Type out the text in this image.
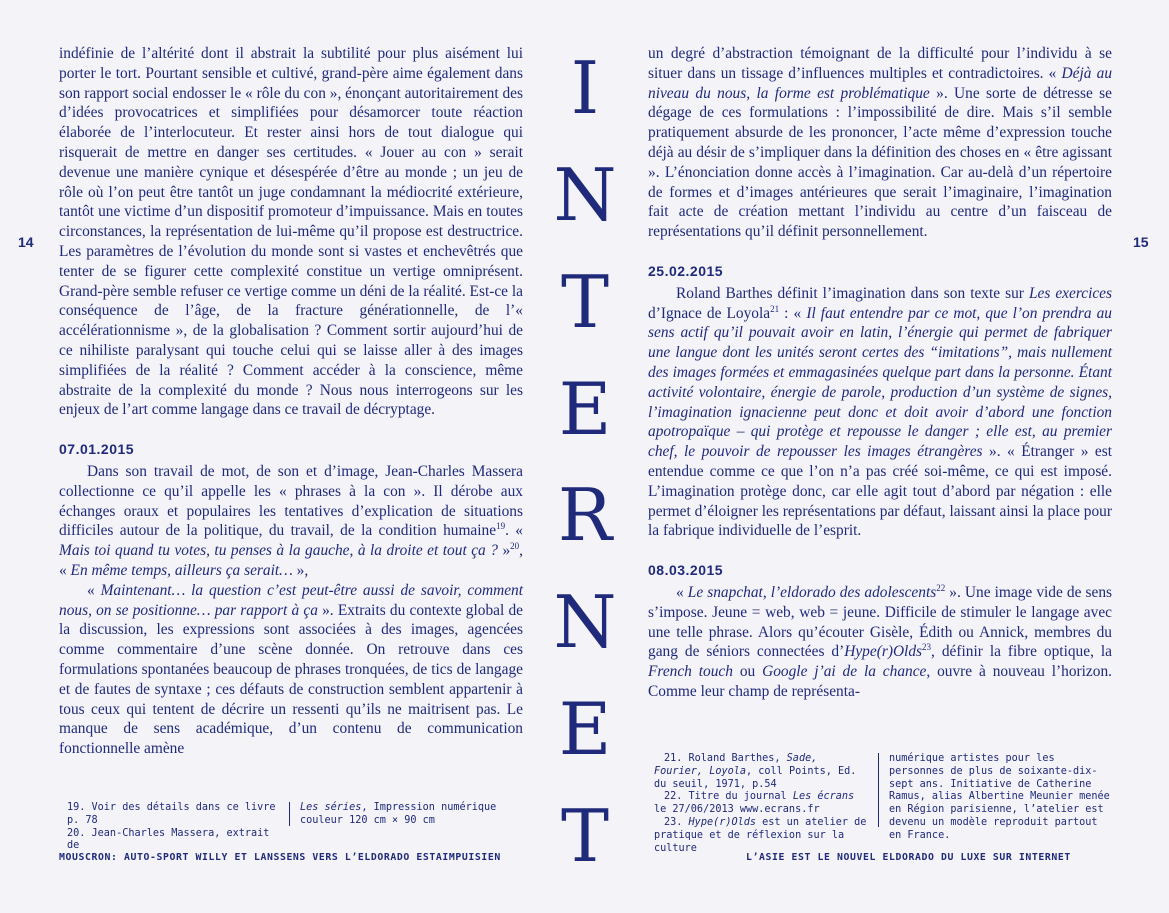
14	15

indéfinie de l’altérité dont il abstrait la subtilité pour plus aisément lui porter le tort. Pourtant sensible et cultivé, grand-père aime également dans son rapport social endosser le « rôle du con », énonçant autoritairement des d’idées provocatrices et simplifiées pour désamorcer toute réaction élaborée de l’interlocuteur. Et rester ainsi hors de tout dialogue qui risquerait de mettre en danger ses certitudes. « Jouer au con » serait devenue une manière cynique et désespérée d’être au monde ; un jeu de rôle où l’on peut être tantôt un juge condamnant la médiocrité extérieure, tantôt une victime d’un dispositif promoteur d’impuissance. Mais en toutes circonstances, la représentation de lui-même qu’il propose est destructrice. Les paramètres de l’évolution du monde sont si vastes et enchevêtrés que tenter de se figurer cette complexité constitue un vertige omniprésent. Grand-père semble refuser ce vertige comme un déni de la réalité. Est-ce la conséquence de l’âge, de la fracture générationnelle, de l’« accélérationnisme », de la globalisation ? Comment sortir aujourd’hui de ce nihiliste paralysant qui touche celui qui se laisse aller à des images simplifiées de la réalité ? Comment accéder à la conscience, même abstraite de la complexité du monde ? Nous nous interrogeons sur les enjeux de l’art comme langage dans ce travail de décryptage.

07.01.2015

Dans son travail de mot, de son et d’image, Jean-Charles Massera collectionne ce qu’il appelle les « phrases à la con ». Il dérobe aux échanges oraux et populaires les tentatives d’explication de situations difficiles autour de la politique, du travail, de la condition humaine$^{19}$. « Mais toi quand tu votes, tu penses à la gauche, à la droite et tout ça ? »$^{20}$, « En même temps, ailleurs ça serait… »,

« Maintenant… la question c’est peut-être aussi de savoir, comment nous, on se positionne… par rapport à ça ». Extraits du contexte global de la discussion, les expressions sont associées à des images, agencées comme commentaire d’une scène donnée. On retrouve dans ces formulations spontanées beaucoup de phrases tronquées, de tics de langage et de fautes de syntaxe ; ces défauts de construction semblent appartenir à tous ceux qui tentent de décrire un ressenti qu’ils ne maitrisent pas. Le manque de sens académique, d’un contenu de communication fonctionnelle amène

I
N
T
E
R
N
E
T

un degré d’abstraction témoignant de la difficulté pour l’individu à se situer dans un tissage d’influences multiples et contradictoires. « Déjà au niveau du nous, la forme est problématique ». Une sorte de détresse se dégage de ces formulations : l’impossibilité de dire. Mais s’il semble pratiquement absurde de les prononcer, l’acte même d’expression touche déjà au désir de s’impliquer dans la définition des choses en « être agissant ». L’énonciation donne accès à l’imagination. Car au-delà d’un répertoire de formes et d’images antérieures que serait l’imaginaire, l’imagination fait acte de création mettant l’individu au centre d’un faisceau de représentations qu’il définit personnellement.

25.02.2015

Roland Barthes définit l’imagination dans son texte sur Les exercices d’Ignace de Loyola$^{21}$ : « Il faut entendre par ce mot, que l’on prendra au sens actif qu’il pouvait avoir en latin, l’énergie qui permet de fabriquer une langue dont les unités seront certes des “imitations”, mais nullement des images formées et emmagasinées quelque part dans la personne. Étant activité volontaire, énergie de parole, production d’un système de signes, l’imagination ignacienne peut donc et doit avoir d’abord une fonction apotropaïque – qui protège et repousse le danger ; elle est, au premier chef, le pouvoir de repousser les images étrangères ». « Étranger » est entendue comme ce que l’on n’a pas créé soi-même, ce qui est imposé. L’imagination protège donc, car elle agit tout d’abord par négation : elle permet d’éloigner les représentations par défaut, laissant ainsi la place pour la fabrique individuelle de l’esprit.

08.03.2015

« Le snapchat, l’eldorado des adolescents$^{22}$ ». Une image vide de sens s’impose. Jeune = web, web = jeune. Difficile de stimuler le langage avec une telle phrase. Alors qu’écouter Gisèle, Édith ou Annick, membres du gang de séniors connectées d’Hype(r)Olds$^{23}$, définir la fibre optique, la French touch ou Google j’ai de la chance, ouvre à nouveau l’horizon. Comme leur champ de représenta-

19. Voir des détails dans ce livre p. 78

20. Jean-Charles Massera, extrait de

Les séries, Impression numérique couleur 120 cm × 90 cm

21. Roland Barthes, Sade, Fourier, Loyola, coll Points, Ed. du seuil, 1971, p.54

22. Titre du journal Les écrans le 27/06/2013 www.ecrans.fr

23. Hype(r)Olds est un atelier de pratique et de réflexion sur la culture

numérique artistes pour les personnes de plus de soixante-dix-sept ans. Initiative de Catherine Ramus, alias Albertine Meunier menée en Région parisienne, l’atelier est devenu un modèle reproduit partout en France.

MOUSCRON: AUTO-SPORT WILLY ET LANSSENS VERS L’ELDORADO ESTAIMPUISIEN	L’ASIE EST LE NOUVEL ELDORADO DU LUXE SUR INTERNET
